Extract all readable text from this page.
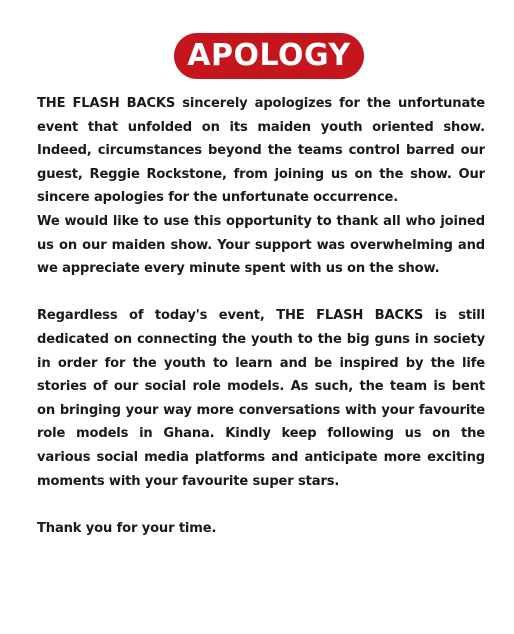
APOLOGY

THE FLASH BACKS sincerely apologizes for the unfortunate event that unfolded on its maiden youth oriented show. Indeed, circumstances beyond the teams control barred our guest, Reggie Rockstone, from joining us on the show. Our sincere apologies for the unfortunate occurrence.

We would like to use this opportunity to thank all who joined us on our maiden show. Your support was overwhelming and we appreciate every minute spent with us on the show.

Regardless of today's event, THE FLASH BACKS is still dedicated on connecting the youth to the big guns in society in order for the youth to learn and be inspired by the life stories of our social role models. As such, the team is bent on bringing your way more conversations with your favourite role models in Ghana. Kindly keep following us on the various social media platforms and anticipate more exciting moments with your favourite super stars.

Thank you for your time.
